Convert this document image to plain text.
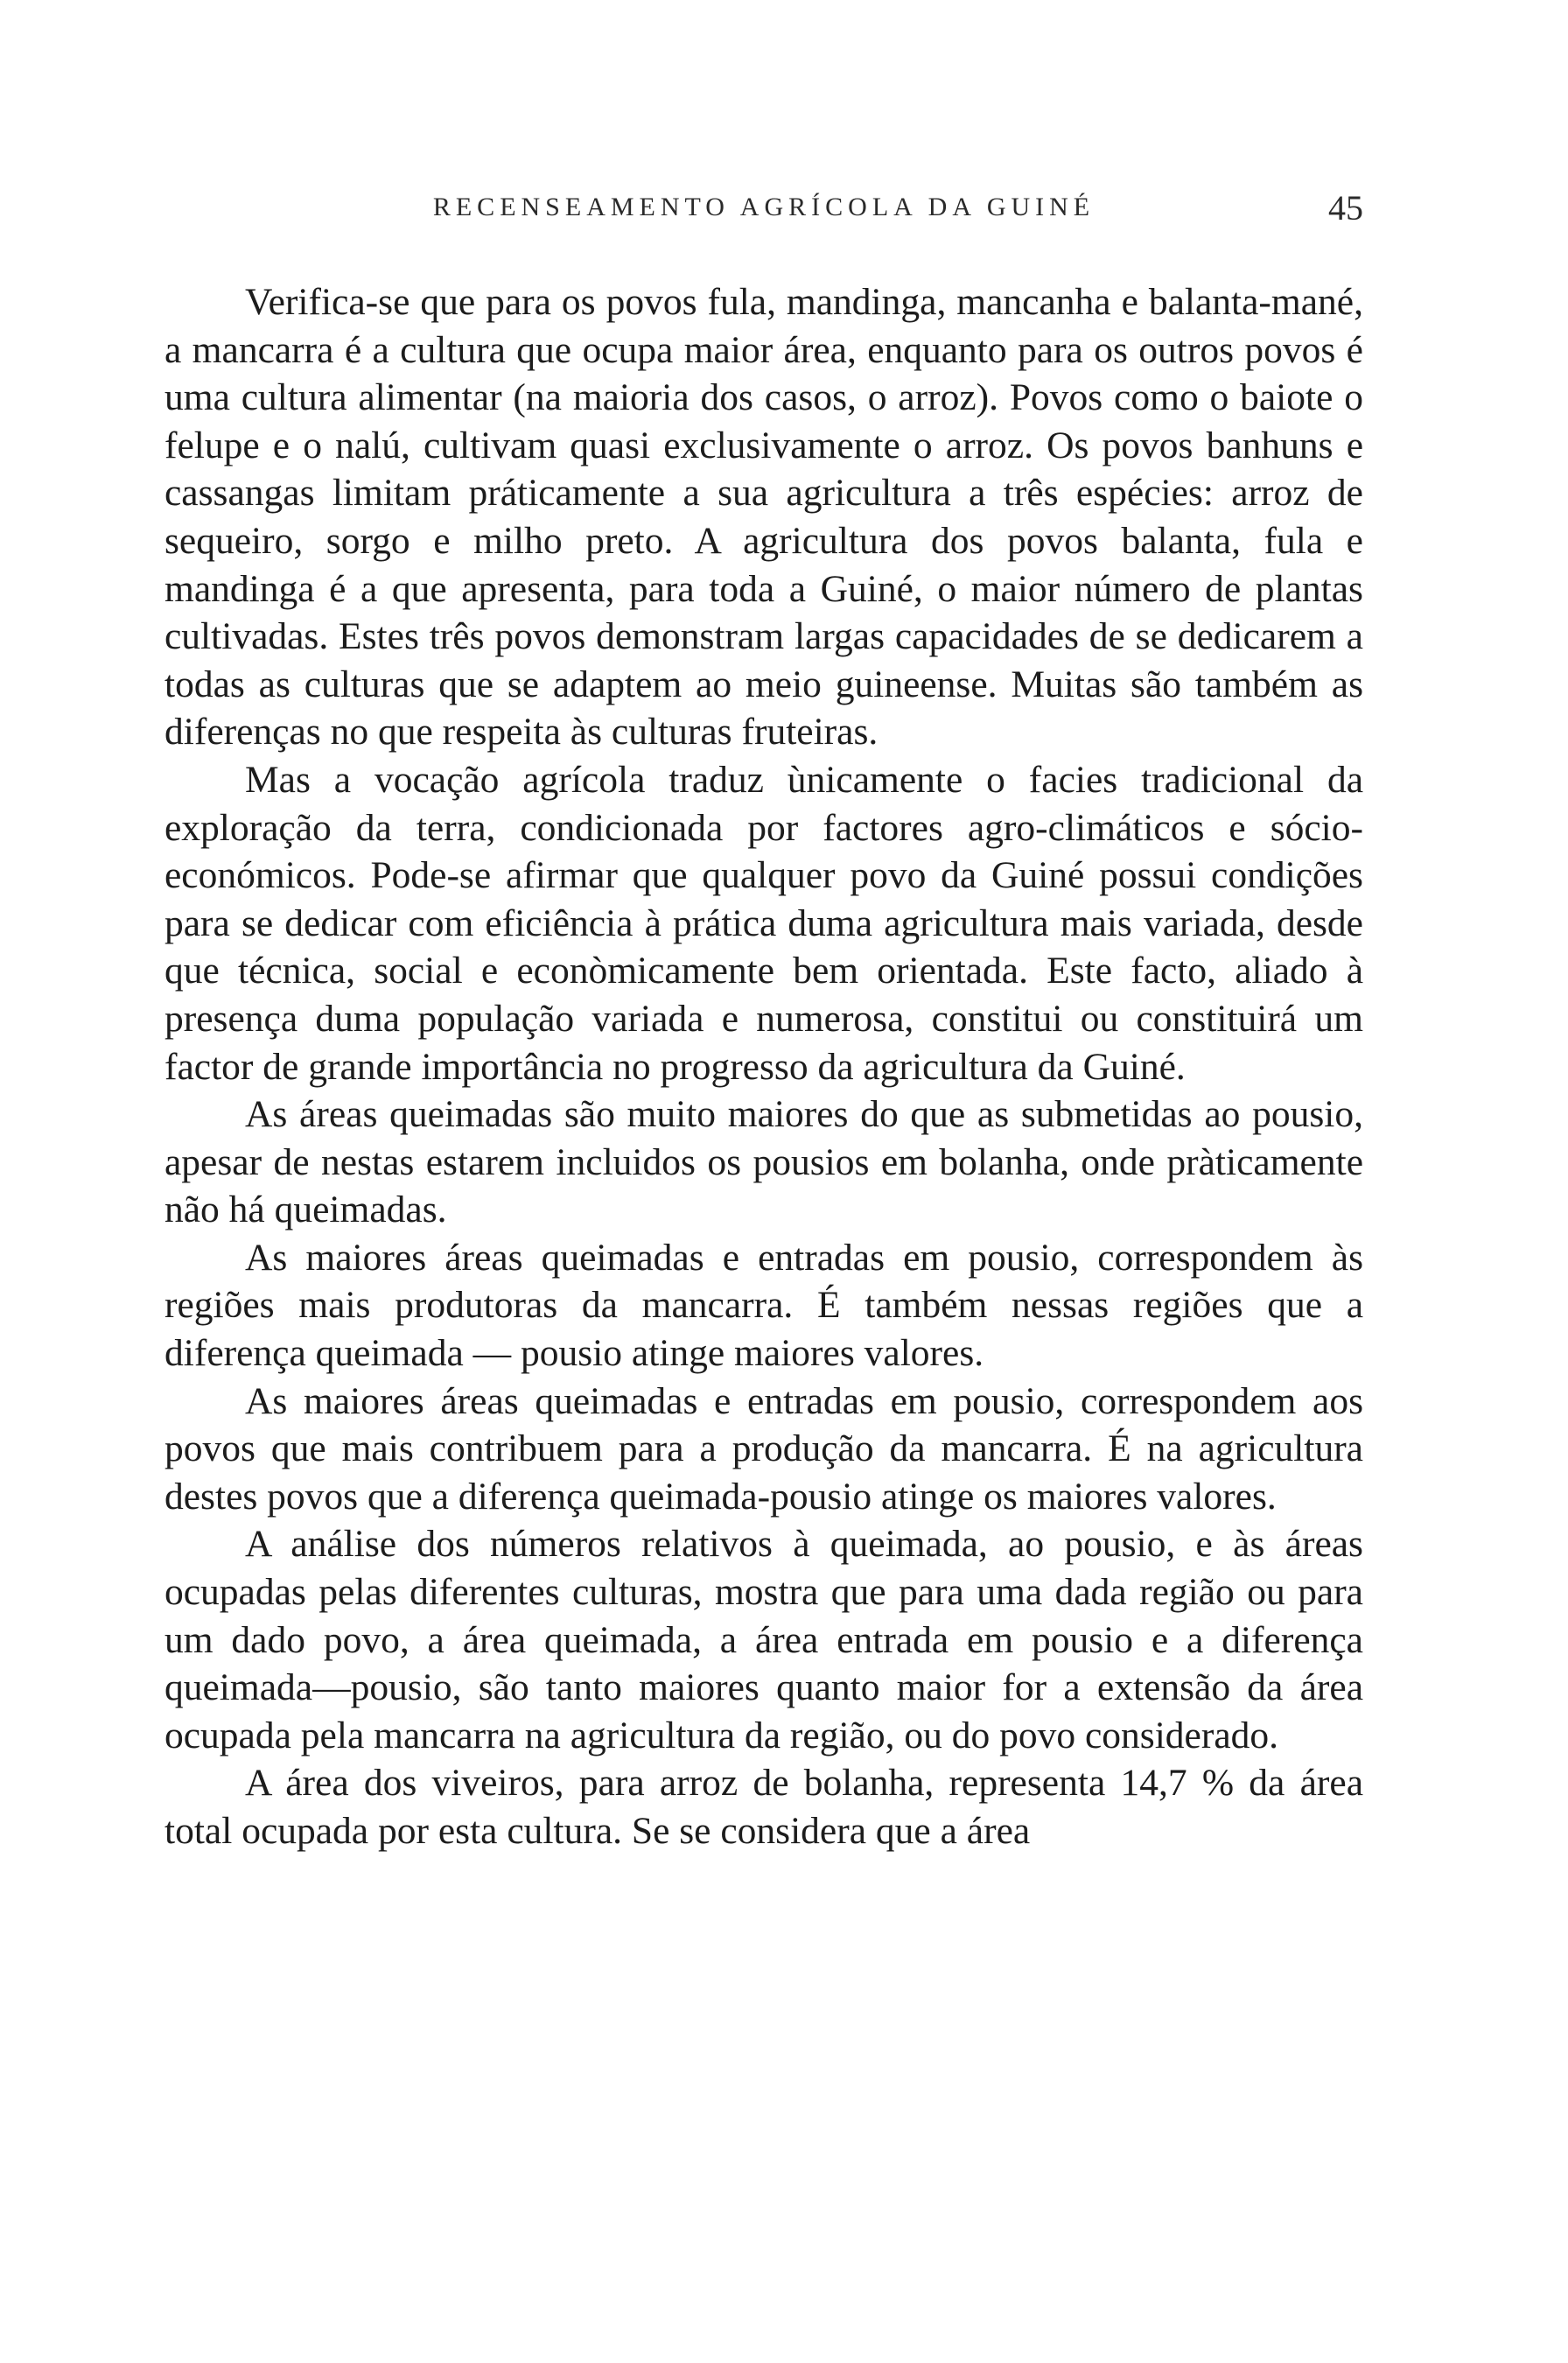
RECENSEAMENTO AGRÍCOLA DA GUINÉ	45

Verifica-se que para os povos fula, mandinga, mancanha e balanta-mané, a mancarra é a cultura que ocupa maior área, enquanto para os outros povos é uma cultura alimentar (na maioria dos casos, o arroz). Povos como o baiote o felupe e o nalú, cultivam quasi exclusivamente o arroz. Os povos banhuns e cassangas limitam práticamente a sua agricultura a três espécies: arroz de sequeiro, sorgo e milho preto. A agricultura dos povos balanta, fula e mandinga é a que apresenta, para toda a Guiné, o maior número de plantas cultivadas. Estes três povos demonstram largas capacidades de se dedicarem a todas as culturas que se adaptem ao meio guineense. Muitas são também as diferenças no que respeita às culturas fruteiras.

Mas a vocação agrícola traduz ùnicamente o facies tradicional da exploração da terra, condicionada por factores agro-climáticos e sócio-económicos. Pode-se afirmar que qualquer povo da Guiné possui condições para se dedicar com eficiência à prática duma agricultura mais variada, desde que técnica, social e econòmicamente bem orientada. Este facto, aliado à presença duma população variada e numerosa, constitui ou constituirá um factor de grande importância no progresso da agricultura da Guiné.

As áreas queimadas são muito maiores do que as submetidas ao pousio, apesar de nestas estarem incluidos os pousios em bolanha, onde pràticamente não há queimadas.

As maiores áreas queimadas e entradas em pousio, correspondem às regiões mais produtoras da mancarra. É também nessas regiões que a diferença queimada — pousio atinge maiores valores.

As maiores áreas queimadas e entradas em pousio, correspondem aos povos que mais contribuem para a produção da mancarra. É na agricultura destes povos que a diferença queimada-pousio atinge os maiores valores.

A análise dos números relativos à queimada, ao pousio, e às áreas ocupadas pelas diferentes culturas, mostra que para uma dada região ou para um dado povo, a área queimada, a área entrada em pousio e a diferença queimada—pousio, são tanto maiores quanto maior for a extensão da área ocupada pela mancarra na agricultura da região, ou do povo considerado.

A área dos viveiros, para arroz de bolanha, representa 14,7 % da área total ocupada por esta cultura. Se se considera que a área
